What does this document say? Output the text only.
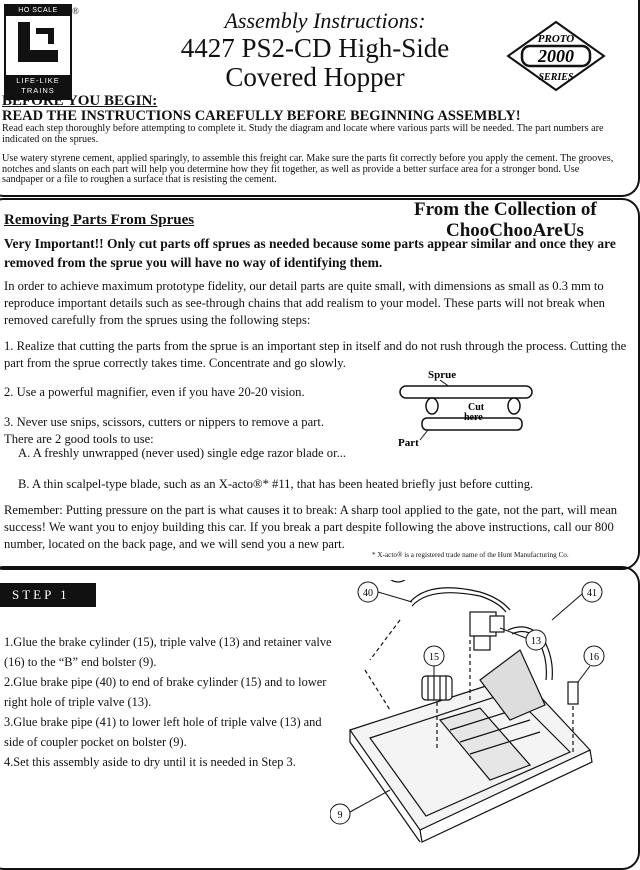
HO SCALE
LIFE-LIKE
TRAINS
®	Assembly Instructions:
4427 PS2-CD High-Side
Covered Hopper
PROTO
2000
SERIES
BEFORE YOU BEGIN:
READ THE INSTRUCTIONS CAREFULLY BEFORE BEGINNING ASSEMBLY!
Read each step thoroughly before attempting to complete it. Study the diagram and locate where various parts will be needed. The part numbers are indicated on the sprues.
Use watery styrene cement, applied sparingly, to assemble this freight car. Make sure the parts fit correctly before you apply the cement. The grooves, notches and slants on each part will help you determine how they fit together, as well as provide a better surface area for a stronger bond. Use sandpaper or a file to roughen a surface that is resisting the cement.
Removing Parts From Sprues	From the Collection of
ChooChooAreUs
Very Important!! Only cut parts off sprues as needed because some parts appear similar and once they are removed from the sprue you will have no way of identifying them.
In order to achieve maximum prototype fidelity, our detail parts are quite small, with dimensions as small as 0.3 mm to reproduce important details such as see-through chains that add realism to your model. These parts will not break when removed carefully from the sprues using the following steps:
1. Realize that cutting the parts from the sprue is an important step in itself and do not rush through the process. Cutting the part from the sprue correctly takes time. Concentrate and go slowly.
2. Use a powerful magnifier, even if you have 20-20 vision.
3. Never use snips, scissors, cutters or nippers to remove a part.
There are 2 good tools to use:
A. A freshly unwrapped (never used) single edge razor blade or...
B. A thin scalpel-type blade, such as an X-acto®* #11, that has been heated briefly just before cutting.
Remember: Putting pressure on the part is what causes it to break: A sharp tool applied to the gate, not the part, will mean success! We want you to enjoy building this car. If you break a part despite following the above instructions, call our 800 number, located on the back page, and we will send you a new part.
* X-acto® is a registered trade name of the Hunt Manufacturing Co.
Sprue
Cut
here
Part
STEP 1
1.Glue the brake cylinder (15), triple valve (13) and retainer valve (16) to the “B” end bolster (9).
2.Glue brake pipe (40) to end of brake cylinder (15) and to lower right hole of triple valve (13).
3.Glue brake pipe (41) to lower left hole of triple valve (13) and side of coupler pocket on bolster (9).
4.Set this assembly aside to dry until it is needed in Step 3.
40	41
13
15	16
9
